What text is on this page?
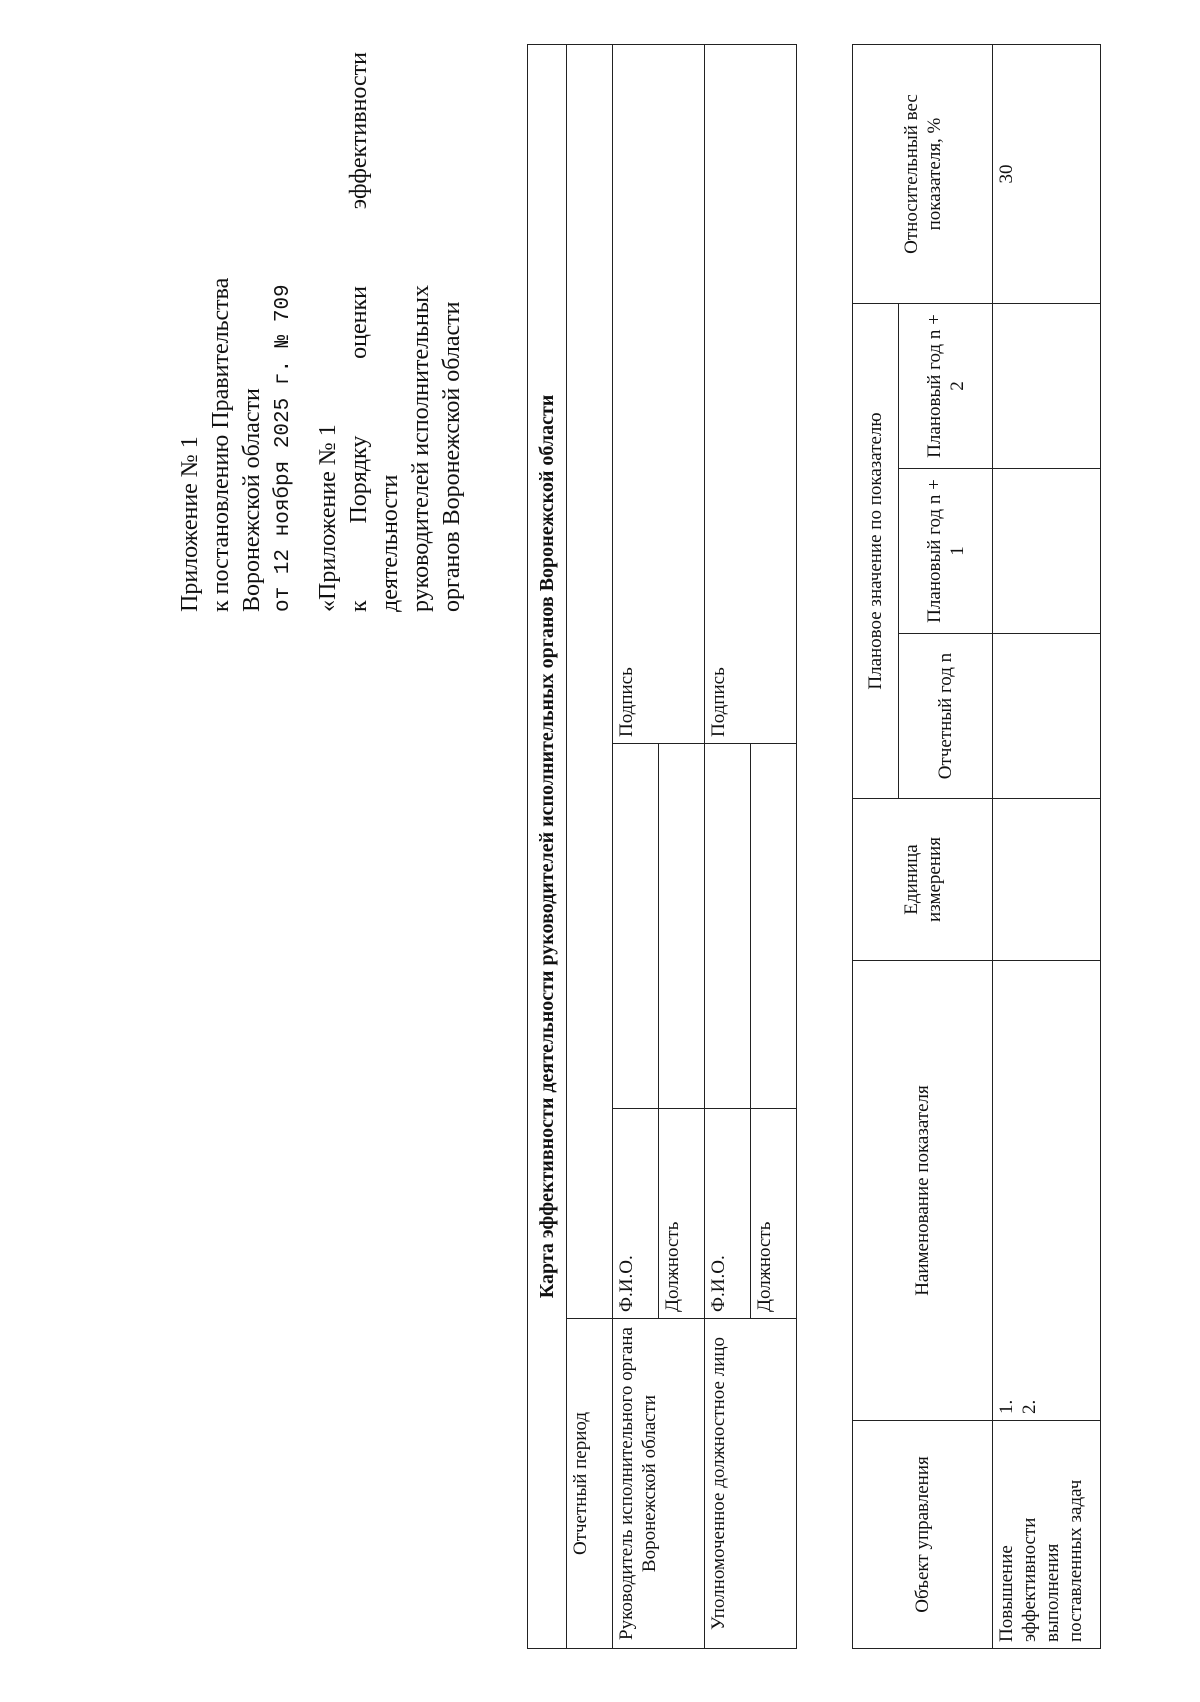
Приложение № 1 к постановлению Правительства Воронежской области от 12 ноября 2025 г. № 709 «Приложение № 1 к Порядку оценки эффективности деятельности руководителей исполнительных органов Воронежской области	Карта эффективности деятельности руководителей исполнительных органов Воронежской области			
Отчетный период			
Руководитель исполнительного органа Воронежской области	Ф.И.О.		Подпись
	Должность		
Уполномоченное должностное лицо	Ф.И.О.		Подпись
	Должность		
Объект управления	Наименование показателя	Единица измерения	Плановое значение по показателю			Относительный вес показателя, %
			Отчетный год n	Плановый год n + 1	Плановый год n + 2	
Повышение эффективности выполнения поставленных задач	1. 2.					30
